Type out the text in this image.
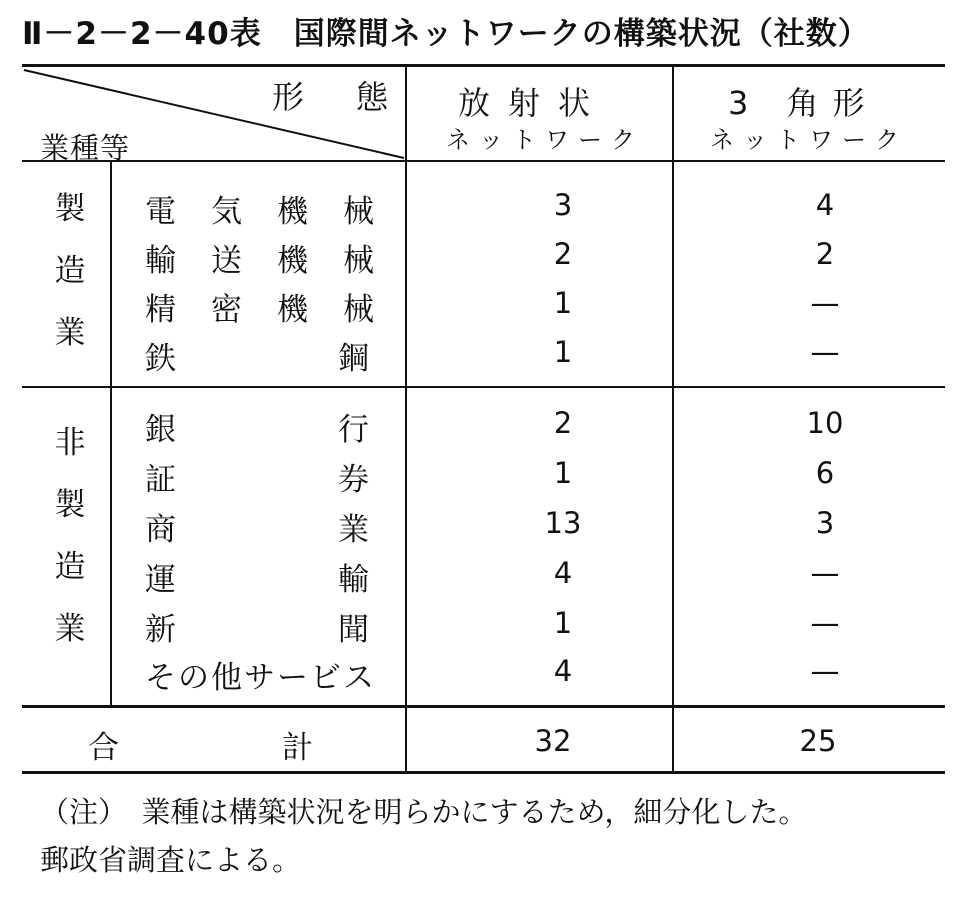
Ⅱ－2－2－40表　国際間ネットワークの構築状況（社数）
形　態
業種等
放射状
ネットワーク
3 角形
ネットワーク
製
造
業
非
製
造
業
電　気　機　械	3	4
輸　送　機　械	2	2
精　密　機　械	1	—
鉄	鋼	1	—
銀	行	2	10
証	券	1	6
商	業	13	3
運	輸	4	—
新	聞	1	—
その他サービス	4	—
合	計	32	25
（注）　業種は構築状況を明らかにするため，細分化した。
郵政省調査による。
